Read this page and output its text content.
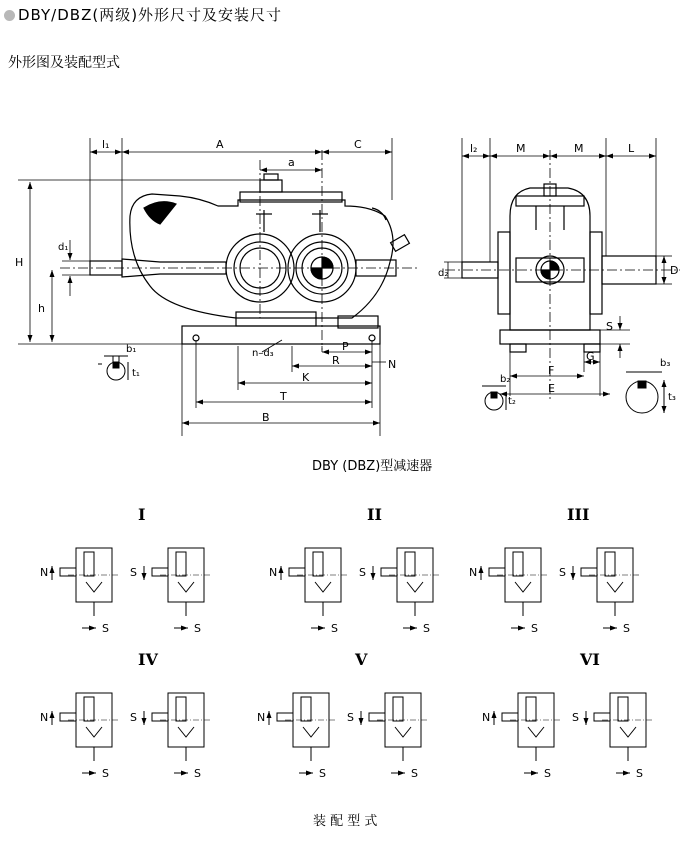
DBY/DBZ(两级)外形尺寸及安装尺寸
外形图及装配型式
l₁	A	C
a
H
h
d₁
n–d₃
P
N
R
K
T
B
l₂	M	M	L
d₂	D
S
G
F
E
b₁
t₁
b₂
t₂
b₃
t₃
DBY (DBZ)型减速器
I
N	S
S	S
II
N	S
S	S
III
N	S
S	S
IV
N	S
S	S
V
N	S
S	S
VI
N	S
S	S
装 配 型 式
